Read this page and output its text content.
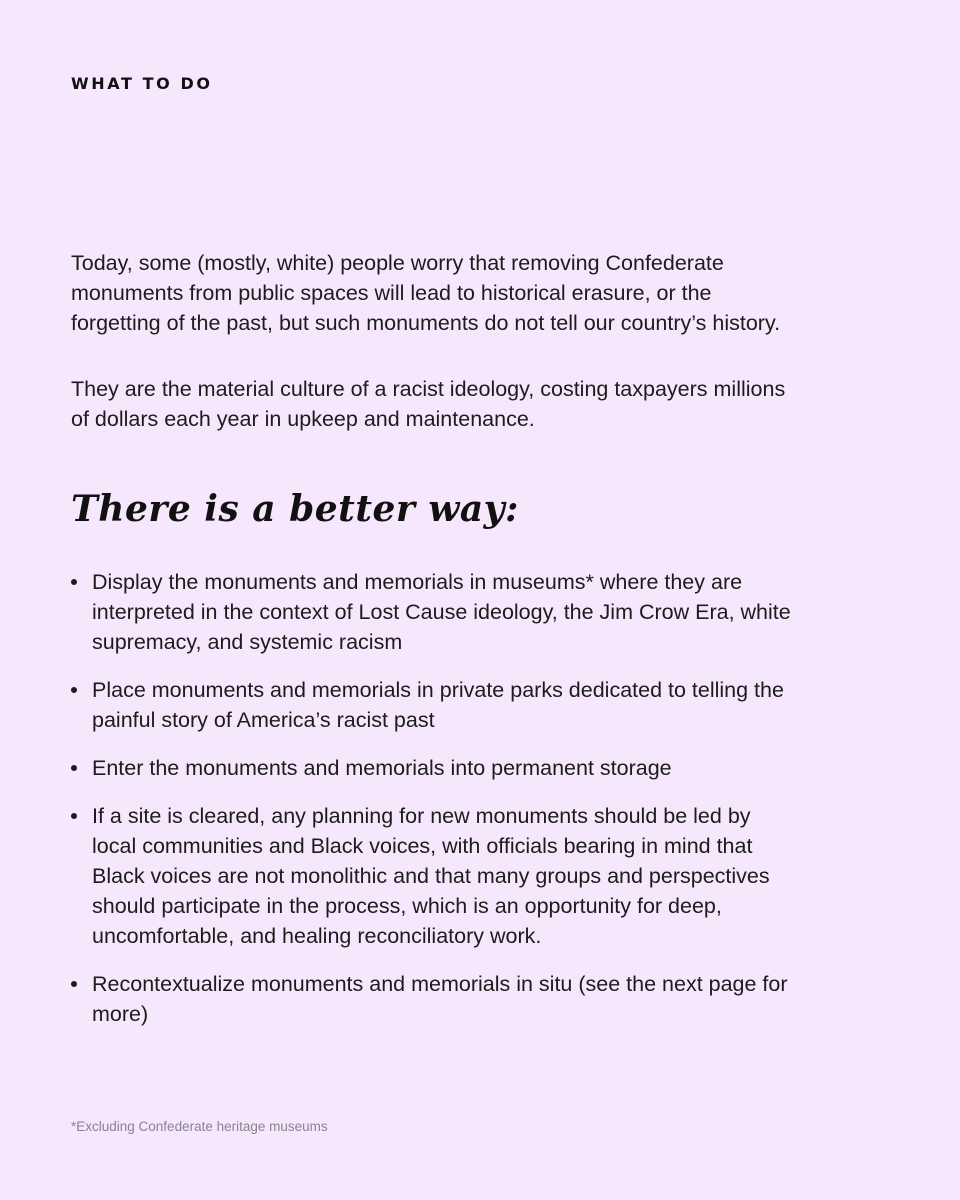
WHAT TO DO

Today, some (mostly, white) people worry that removing Confederate monuments from public spaces will lead to historical erasure, or the forgetting of the past, but such monuments do not tell our country’s history.

They are the material culture of a racist ideology, costing taxpayers millions of dollars each year in upkeep and maintenance.

There is a better way:
Display the monuments and memorials in museums* where they are interpreted in the context of Lost Cause ideology, the Jim Crow Era, white supremacy, and systemic racism
Place monuments and memorials in private parks dedicated to telling the painful story of America’s racist past
Enter the monuments and memorials into permanent storage
If a site is cleared, any planning for new monuments should be led by local communities and Black voices, with officials bearing in mind that Black voices are not monolithic and that many groups and perspectives should participate in the process, which is an opportunity for deep, uncomfortable, and healing reconciliatory work.
Recontextualize monuments and memorials in situ (see the next page for more)
*Excluding Confederate heritage museums
